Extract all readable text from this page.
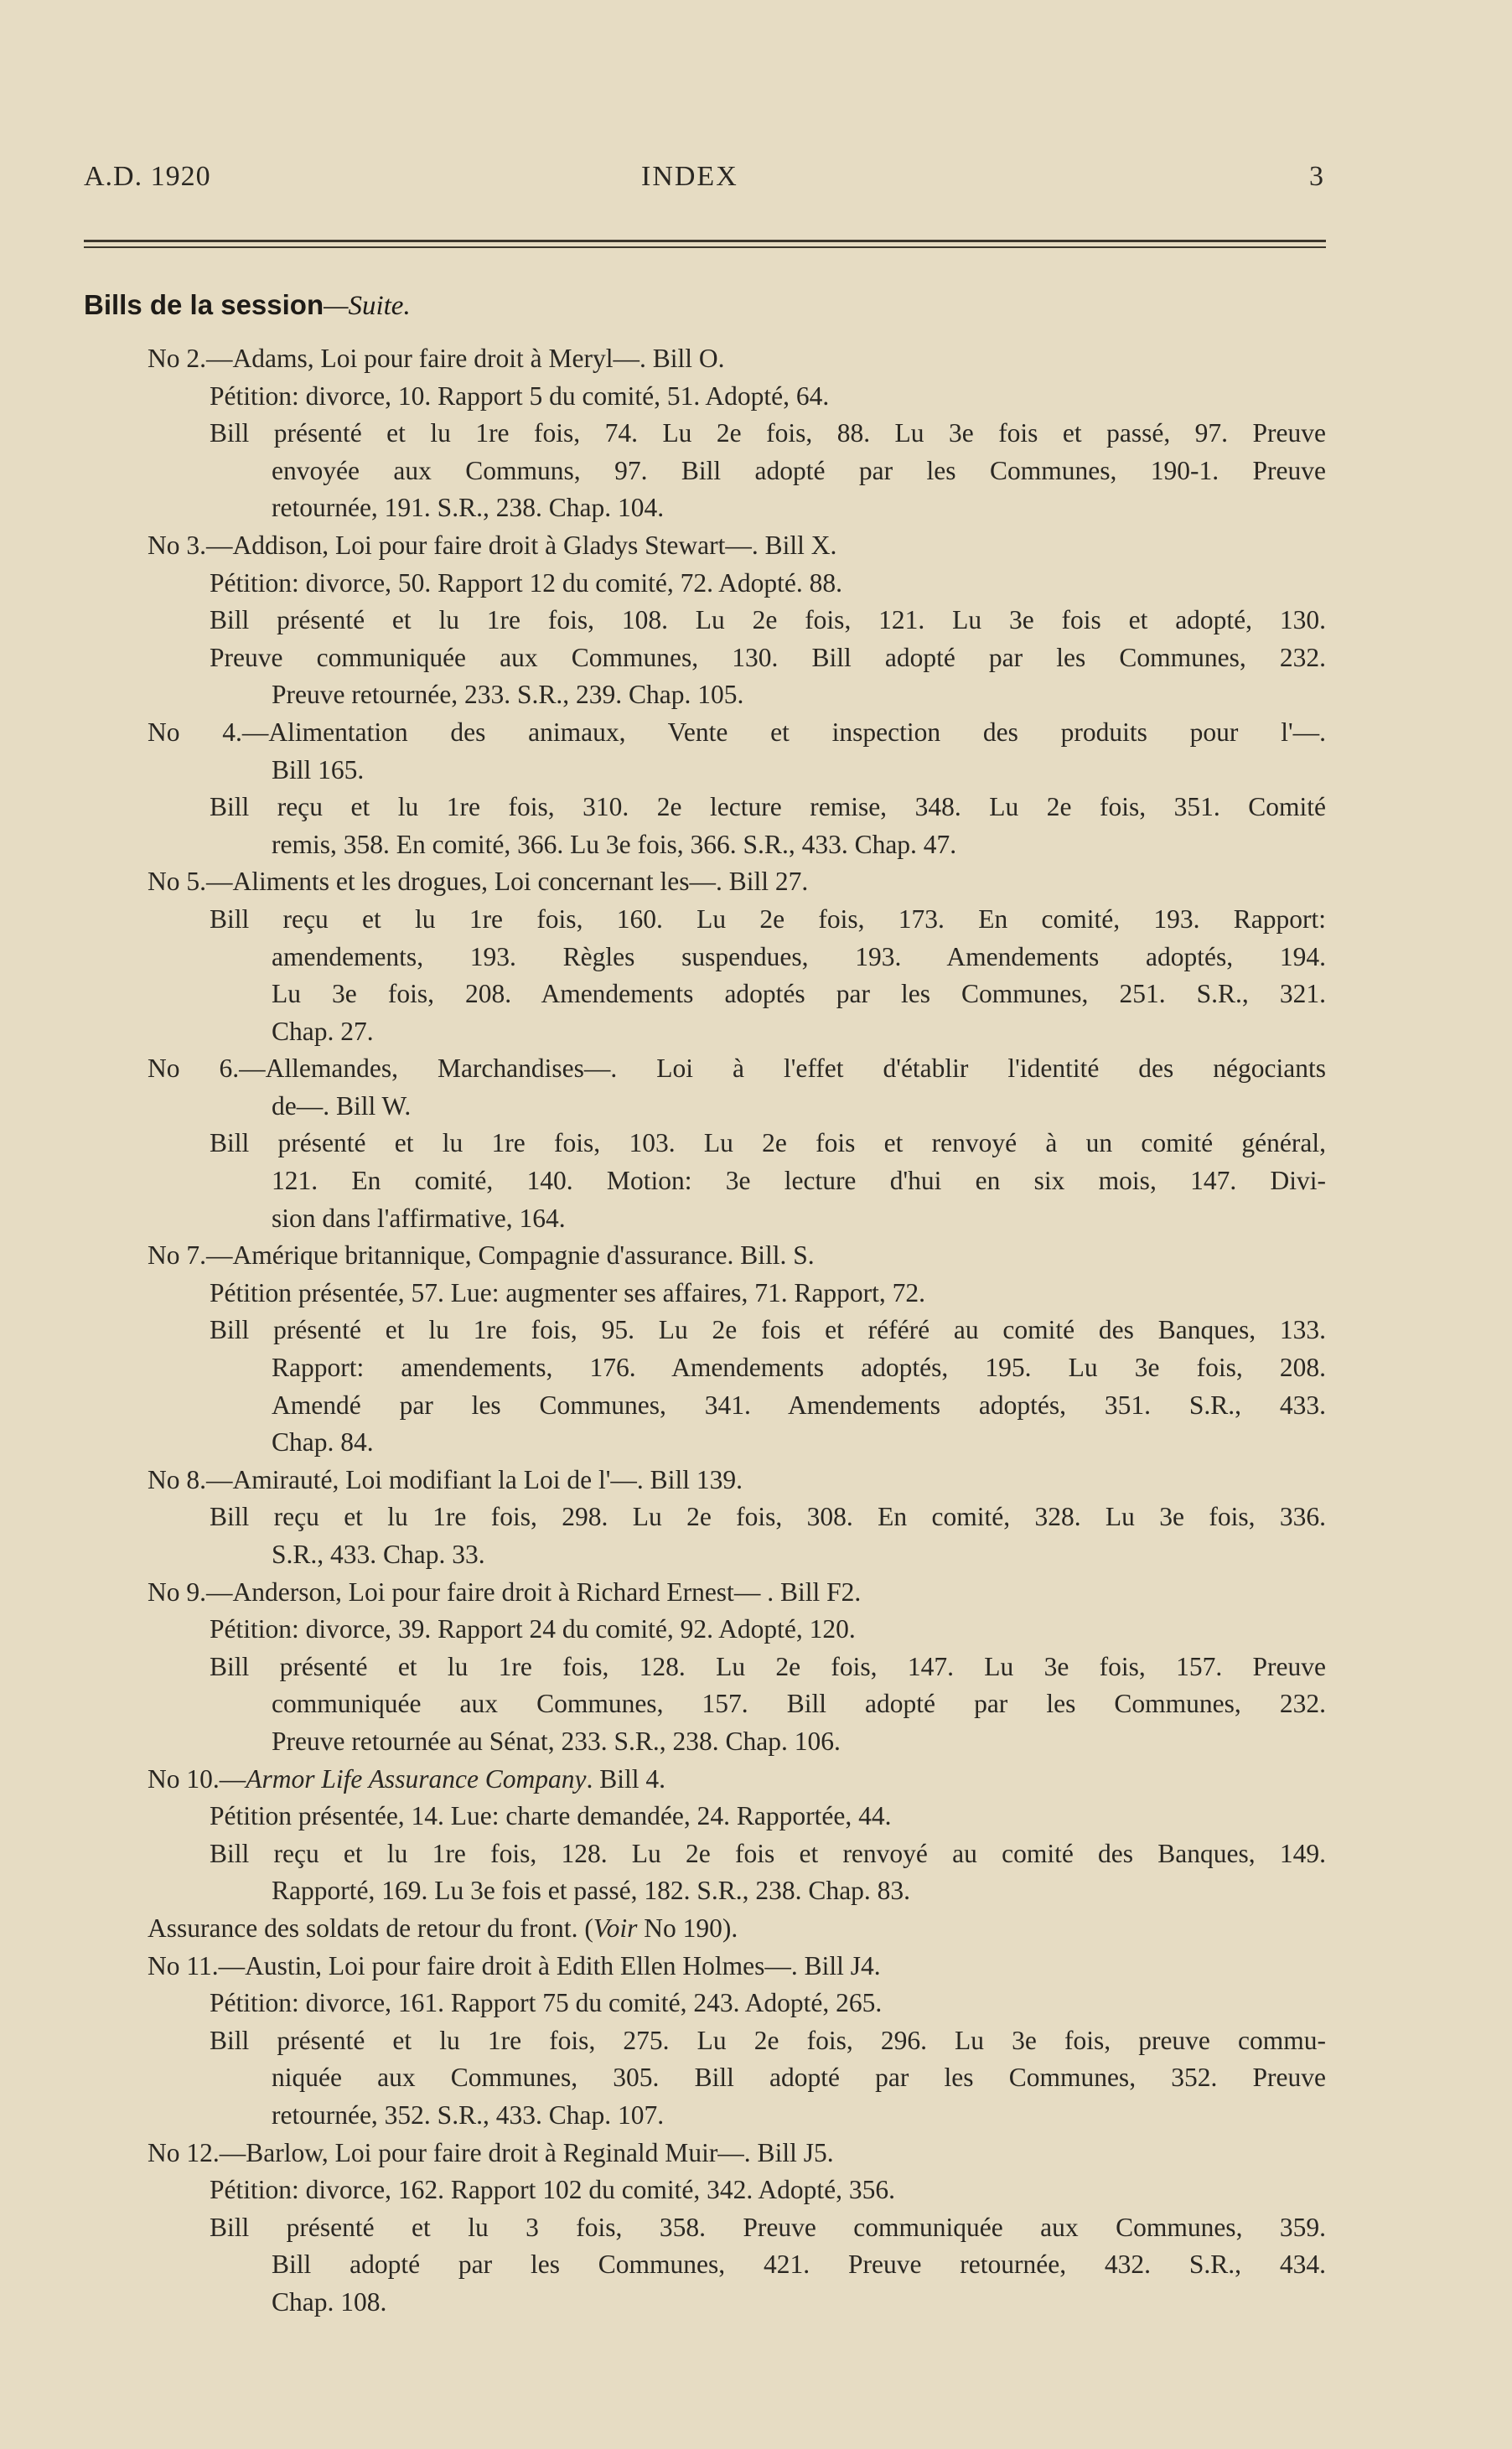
A.D. 1920	INDEX	3
Bills de la session—Suite.
No 2.—Adams, Loi pour faire droit à Meryl—. Bill O.
Pétition: divorce, 10. Rapport 5 du comité, 51. Adopté, 64.
Bill présenté et lu 1re fois, 74. Lu 2e fois, 88. Lu 3e fois et passé, 97. Preuve
envoyée aux Communs, 97. Bill adopté par les Communes, 190-1. Preuve
retournée, 191. S.R., 238. Chap. 104.
No 3.—Addison, Loi pour faire droit à Gladys Stewart—. Bill X.
Pétition: divorce, 50. Rapport 12 du comité, 72. Adopté. 88.
Bill présenté et lu 1re fois, 108. Lu 2e fois, 121. Lu 3e fois et adopté, 130.
Preuve communiquée aux Communes, 130. Bill adopté par les Communes, 232.
Preuve retournée, 233. S.R., 239. Chap. 105.
No 4.—Alimentation des animaux, Vente et inspection des produits pour l'—.
Bill 165.
Bill reçu et lu 1re fois, 310. 2e lecture remise, 348. Lu 2e fois, 351. Comité
remis, 358. En comité, 366. Lu 3e fois, 366. S.R., 433. Chap. 47.
No 5.—Aliments et les drogues, Loi concernant les—. Bill 27.
Bill reçu et lu 1re fois, 160. Lu 2e fois, 173. En comité, 193. Rapport:
amendements, 193. Règles suspendues, 193. Amendements adoptés, 194.
Lu 3e fois, 208. Amendements adoptés par les Communes, 251. S.R., 321.
Chap. 27.
No 6.—Allemandes, Marchandises—. Loi à l'effet d'établir l'identité des négociants
de—. Bill W.
Bill présenté et lu 1re fois, 103. Lu 2e fois et renvoyé à un comité général,
121. En comité, 140. Motion: 3e lecture d'hui en six mois, 147. Divi-
sion dans l'affirmative, 164.
No 7.—Amérique britannique, Compagnie d'assurance. Bill. S.
Pétition présentée, 57. Lue: augmenter ses affaires, 71. Rapport, 72.
Bill présenté et lu 1re fois, 95. Lu 2e fois et référé au comité des Banques, 133.
Rapport: amendements, 176. Amendements adoptés, 195. Lu 3e fois, 208.
Amendé par les Communes, 341. Amendements adoptés, 351. S.R., 433.
Chap. 84.
No 8.—Amirauté, Loi modifiant la Loi de l'—. Bill 139.
Bill reçu et lu 1re fois, 298. Lu 2e fois, 308. En comité, 328. Lu 3e fois, 336.
S.R., 433. Chap. 33.
No 9.—Anderson, Loi pour faire droit à Richard Ernest— . Bill F2.
Pétition: divorce, 39. Rapport 24 du comité, 92. Adopté, 120.
Bill présenté et lu 1re fois, 128. Lu 2e fois, 147. Lu 3e fois, 157. Preuve
communiquée aux Communes, 157. Bill adopté par les Communes, 232.
Preuve retournée au Sénat, 233. S.R., 238. Chap. 106.
No 10.—Armor Life Assurance Company. Bill 4.
Pétition présentée, 14. Lue: charte demandée, 24. Rapportée, 44.
Bill reçu et lu 1re fois, 128. Lu 2e fois et renvoyé au comité des Banques, 149.
Rapporté, 169. Lu 3e fois et passé, 182. S.R., 238. Chap. 83.
Assurance des soldats de retour du front. (Voir No 190).
No 11.—Austin, Loi pour faire droit à Edith Ellen Holmes—. Bill J4.
Pétition: divorce, 161. Rapport 75 du comité, 243. Adopté, 265.
Bill présenté et lu 1re fois, 275. Lu 2e fois, 296. Lu 3e fois, preuve commu-
niquée aux Communes, 305. Bill adopté par les Communes, 352. Preuve
retournée, 352. S.R., 433. Chap. 107.
No 12.—Barlow, Loi pour faire droit à Reginald Muir—. Bill J5.
Pétition: divorce, 162. Rapport 102 du comité, 342. Adopté, 356.
Bill présenté et lu 3 fois, 358. Preuve communiquée aux Communes, 359.
Bill adopté par les Communes, 421. Preuve retournée, 432. S.R., 434.
Chap. 108.
